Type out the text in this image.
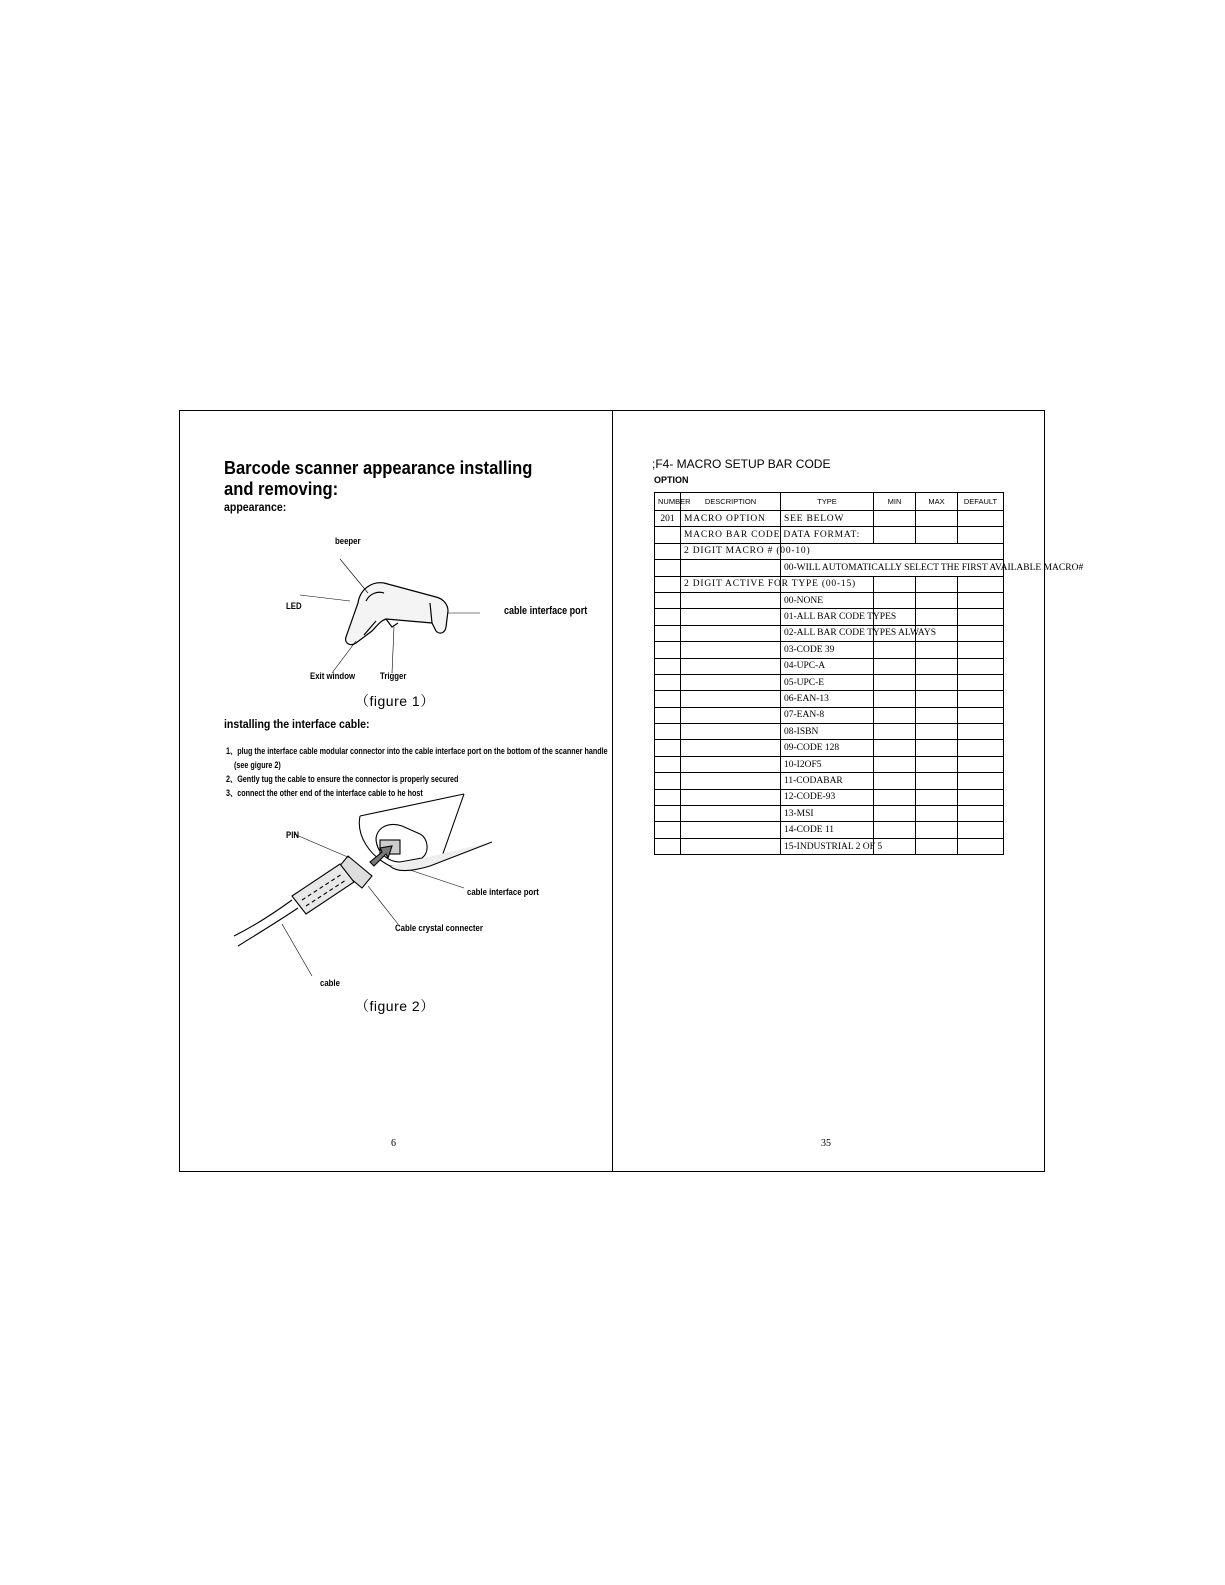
Barcode scanner appearance installing and removing:
appearance:
beeper
LED	cable interface port
Exit window	Trigger
（figure 1）
installing the interface cable:
1、plug the interface cable modular connector into the cable interface port on the bottom of the scanner handle
(see gigure 2)
2、Gently tug the cable to ensure the connector is properly secured
3、connect the other end of the interface cable to he host
PIN
cable interface port
Cable crystal connecter
cable
（figure 2）
6
;F4- MACRO SETUP BAR CODE
OPTION
NUMBER	DESCRIPTION	TYPE	MIN	MAX	DEFAULT
201	MACRO OPTION	SEE BELOW			
	MACRO BAR CODE DATA FORMAT:				
	2 DIGIT MACRO # (00-10)				
		00-WILL AUTOMATICALLY SELECT THE FIRST AVAILABLE MACRO#			
	2 DIGIT ACTIVE FOR TYPE (00-15)				
		00-NONE			
		01-ALL BAR CODE TYPES			
		02-ALL BAR CODE TYPES ALWAYS			
		03-CODE 39			
		04-UPC-A			
		05-UPC-E			
		06-EAN-13			
		07-EAN-8			
		08-ISBN			
		09-CODE 128			
		10-I2OF5			
		11-CODABAR			
		12-CODE-93			
		13-MSI			
		14-CODE 11			
		15-INDUSTRIAL 2 OF 5			
35
